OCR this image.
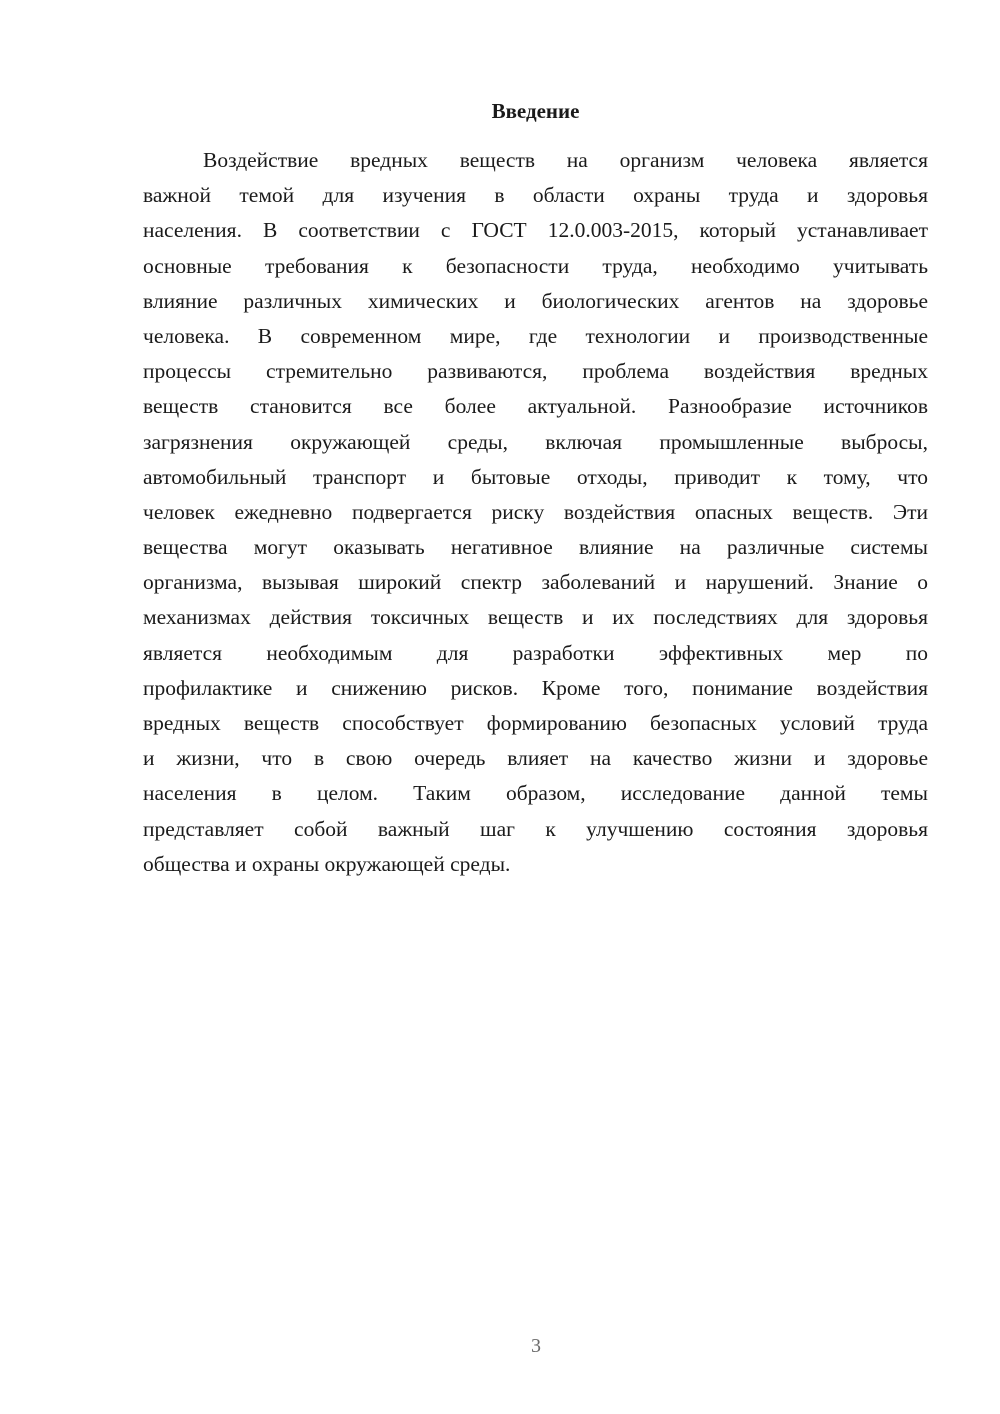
Введение
Воздействие вредных веществ на организм человека является
важной темой для изучения в области охраны труда и здоровья
населения. В соответствии с ГОСТ 12.0.003-2015, который устанавливает
основные требования к безопасности труда, необходимо учитывать
влияние различных химических и биологических агентов на здоровье
человека. В современном мире, где технологии и производственные
процессы стремительно развиваются, проблема воздействия вредных
веществ становится все более актуальной. Разнообразие источников
загрязнения окружающей среды, включая промышленные выбросы,
автомобильный транспорт и бытовые отходы, приводит к тому, что
человек ежедневно подвергается риску воздействия опасных веществ. Эти
вещества могут оказывать негативное влияние на различные системы
организма, вызывая широкий спектр заболеваний и нарушений. Знание о
механизмах действия токсичных веществ и их последствиях для здоровья
является необходимым для разработки эффективных мер по
профилактике и снижению рисков. Кроме того, понимание воздействия
вредных веществ способствует формированию безопасных условий труда
и жизни, что в свою очередь влияет на качество жизни и здоровье
населения в целом. Таким образом, исследование данной темы
представляет собой важный шаг к улучшению состояния здоровья
общества и охраны окружающей среды.
3
